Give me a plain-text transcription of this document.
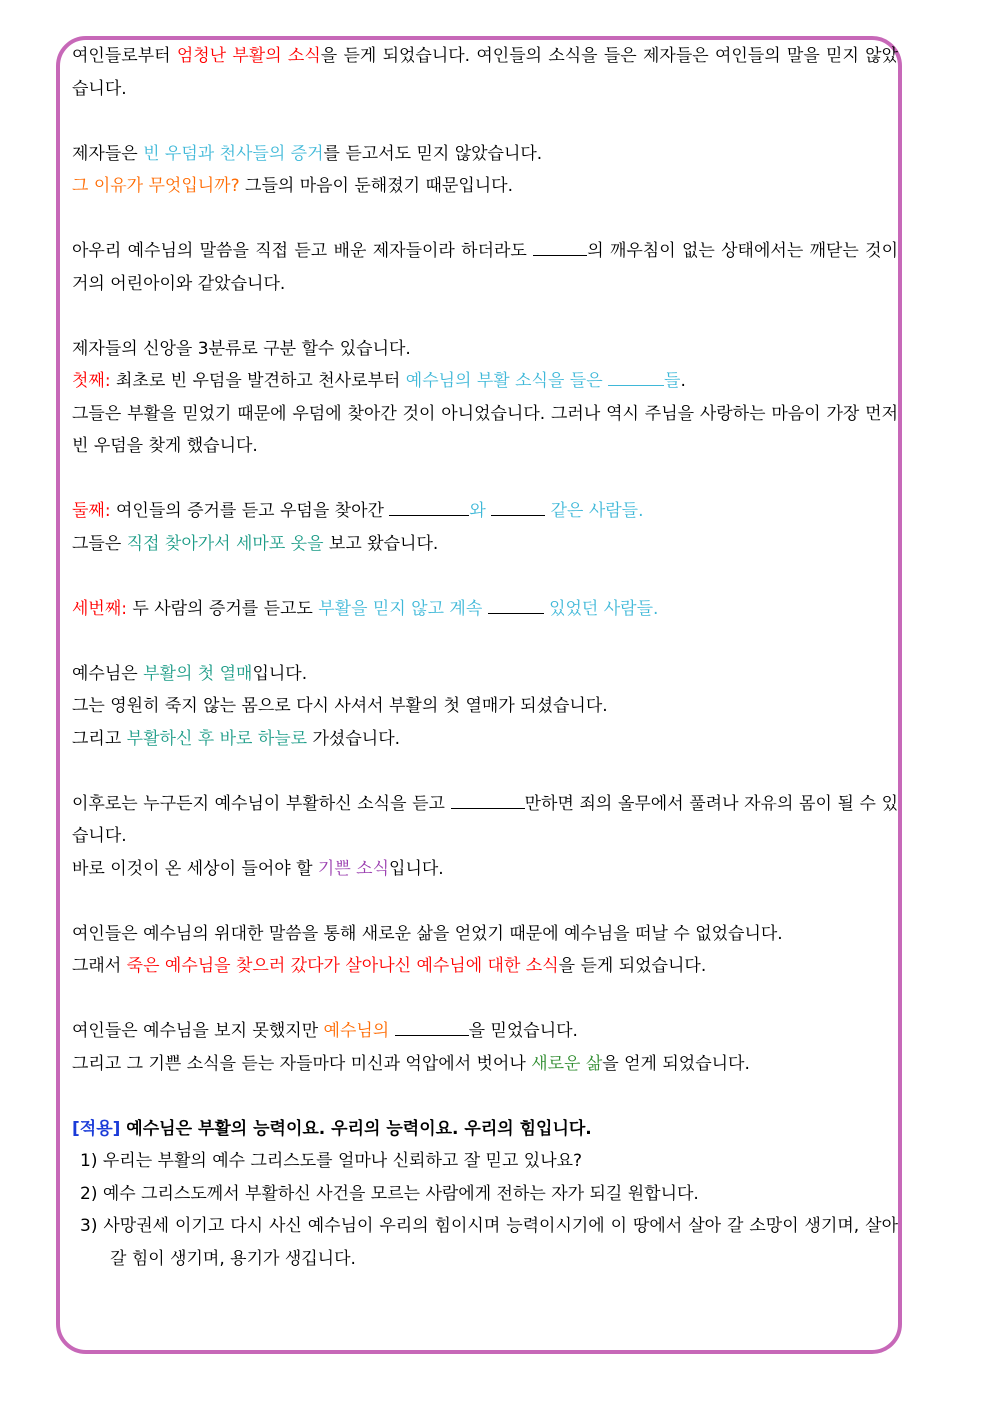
여인들로부터 엄청난 부활의 소식을 듣게 되었습니다. 여인들의 소식을 들은 제자들은 여인들의 말을 믿지 않았습니다.

제자들은 빈 우덤과 천사들의 증거를 듣고서도 믿지 않았습니다.
그 이유가 무엇입니까? 그들의 마음이 둔해졌기 때문입니다.

아우리 예수님의 말씀을 직접 듣고 배운 제자들이라 하더라도	의 깨우침이 없는 상태에서는 깨닫는 것이 거의 어린아이와 같았습니다.

제자들의 신앙을 3분류로 구분 할수 있습니다.
첫째: 최초로 빈 우덤을 발견하고 천사로부터 예수님의 부활 소식을 들은	들.
그들은 부활을 믿었기 때문에 우덤에 찾아간 것이 아니었습니다. 그러나 역시 주님을 사랑하는 마음이 가장 먼저 빈 우덤을 찾게 했습니다.

둘째: 여인들의 증거를 듣고 우덤을 찾아간	와	같은 사람들.
그들은 직접 찾아가서 세마포 옷을 보고 왔습니다.

세번째: 두 사람의 증거를 듣고도 부활을 믿지 않고 계속	있었던 사람들.

예수님은 부활의 첫 열매입니다.
그는 영원히 죽지 않는 몸으로 다시 사셔서 부활의 첫 열매가 되셨습니다.
그리고 부활하신 후 바로 하늘로 가셨습니다.

이후로는 누구든지 예수님이 부활하신 소식을 듣고	만하면 죄의 올무에서 풀려나 자유의 몸이 될 수 있습니다.
바로 이것이 온 세상이 들어야 할 기쁜 소식입니다.

여인들은 예수님의 위대한 말씀을 통해 새로운 삶을 얻었기 때문에 예수님을 떠날 수 없었습니다.
그래서 죽은 예수님을 찾으러 갔다가 살아나신 예수님에 대한 소식을 듣게 되었습니다.

여인들은 예수님을 보지 못했지만 예수님의	을 믿었습니다.
그리고 그 기쁜 소식을 듣는 자들마다 미신과 억압에서 벗어나 새로운 삶을 얻게 되었습니다.

[적용] 예수님은 부활의 능력이요. 우리의 능력이요. 우리의 힘입니다.
1) 우리는 부활의 예수 그리스도를 얼마나 신뢰하고 잘 믿고 있나요?
2) 예수 그리스도께서 부활하신 사건을 모르는 사람에게 전하는 자가 되길 원합니다.
3) 사망권세 이기고 다시 사신 예수님이 우리의 힘이시며 능력이시기에 이 땅에서 살아 갈 소망이 생기며, 살아갈 힘이 생기며, 용기가 생깁니다.
